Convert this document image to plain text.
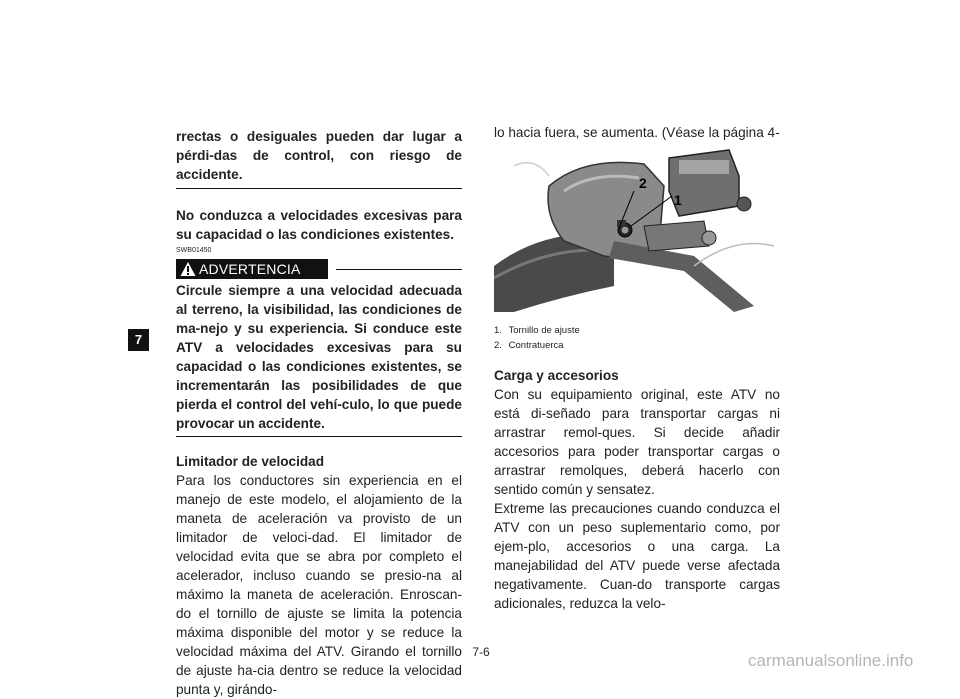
7
rrectas o desiguales pueden dar lugar a pérdi-das de control, con riesgo de accidente.
No conduzca a velocidades excesivas para su capacidad o las condiciones existentes.
SWB01450
ADVERTENCIA
Circule siempre a una velocidad adecuada al terreno, la visibilidad, las condiciones de ma-nejo y su experiencia. Si conduce este ATV a velocidades excesivas para su capacidad o las condiciones existentes, se incrementarán las posibilidades de que pierda el control del vehí-culo, lo que puede provocar un accidente.
Limitador de velocidad
Para los conductores sin experiencia en el manejo de este modelo, el alojamiento de la maneta de aceleración va provisto de un limitador de veloci-dad. El limitador de velocidad evita que se abra por completo el acelerador, incluso cuando se presio-na al máximo la maneta de aceleración. Enroscan-do el tornillo de ajuste se limita la potencia máxima disponible del motor y se reduce la velocidad máxima del ATV. Girando el tornillo de ajuste ha-cia dentro se reduce la velocidad punta y, girándo-
lo hacia fuera, se aumenta. (Véase la página 4-
2
1
1. Tornillo de ajuste
2. Contratuerca
Carga y accesorios
Con su equipamiento original, este ATV no está di-señado para transportar cargas ni arrastrar remol-ques. Si decide añadir accesorios para poder transportar cargas o arrastrar remolques, deberá hacerlo con sentido común y sensatez.
Extreme las precauciones cuando conduzca el ATV con un peso suplementario como, por ejem-plo, accesorios o una carga. La manejabilidad del ATV puede verse afectada negativamente. Cuan-do transporte cargas adicionales, reduzca la velo-
7-6	carmanualsonline.info
